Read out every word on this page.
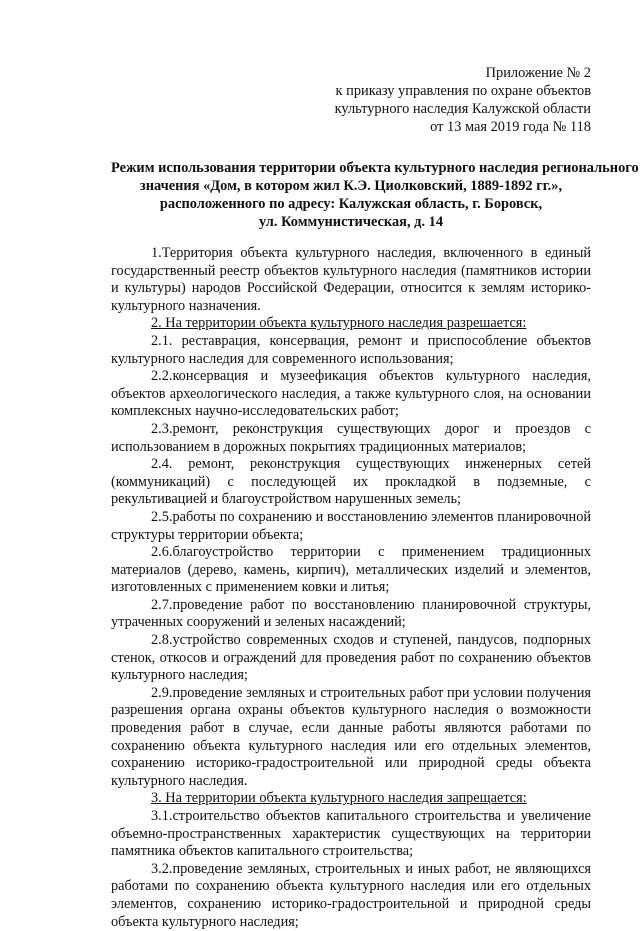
Приложение № 2
к приказу управления по охране объектов
культурного наследия Калужской области
от 13 мая 2019 года № 118
Режим использования территории объекта культурного наследия регионального
значения «Дом, в котором жил К.Э. Циолковский, 1889-1892 гг.»,
расположенного по адресу: Калужская область, г. Боровск,
ул. Коммунистическая, д. 14

1.Территория объекта культурного наследия, включенного в единый государственный реестр объектов культурного наследия (памятников истории и культуры) народов Российской Федерации, относится к землям историко-культурного назначения.

2. На территории объекта культурного наследия разрешается:

2.1. реставрация, консервация, ремонт и приспособление объектов культурного наследия для современного использования;

2.2.консервация и музеефикация объектов культурного наследия, объектов археологического наследия, а также культурного слоя, на основании комплексных научно-исследовательских работ;

2.3.ремонт, реконструкция существующих дорог и проездов с использованием в дорожных покрытиях традиционных материалов;

2.4. ремонт, реконструкция существующих инженерных сетей (коммуникаций) с последующей их прокладкой в подземные, с рекультивацией и благоустройством нарушенных земель;

2.5.работы по сохранению и восстановлению элементов планировочной структуры территории объекта;

2.6.благоустройство территории с применением традиционных материалов (дерево, камень, кирпич), металлических изделий и элементов, изготовленных с применением ковки и литья;

2.7.проведение работ по восстановлению планировочной структуры, утраченных сооружений и зеленых насаждений;

2.8.устройство современных сходов и ступеней, пандусов, подпорных стенок, откосов и ограждений для проведения работ по сохранению объектов культурного наследия;

2.9.проведение земляных и строительных работ при условии получения разрешения органа охраны объектов культурного наследия о возможности проведения работ в случае, если данные работы являются работами по сохранению объекта культурного наследия или его отдельных элементов, сохранению историко-градостроительной или природной среды объекта культурного наследия.

3. На территории объекта культурного наследия запрещается:

3.1.строительство объектов капитального строительства и увеличение объемно-пространственных характеристик существующих на территории памятника объектов капитального строительства;

3.2.проведение земляных, строительных и иных работ, не являющихся работами по сохранению объекта культурного наследия или его отдельных элементов, сохранению историко-градостроительной и природной среды объекта культурного наследия;
